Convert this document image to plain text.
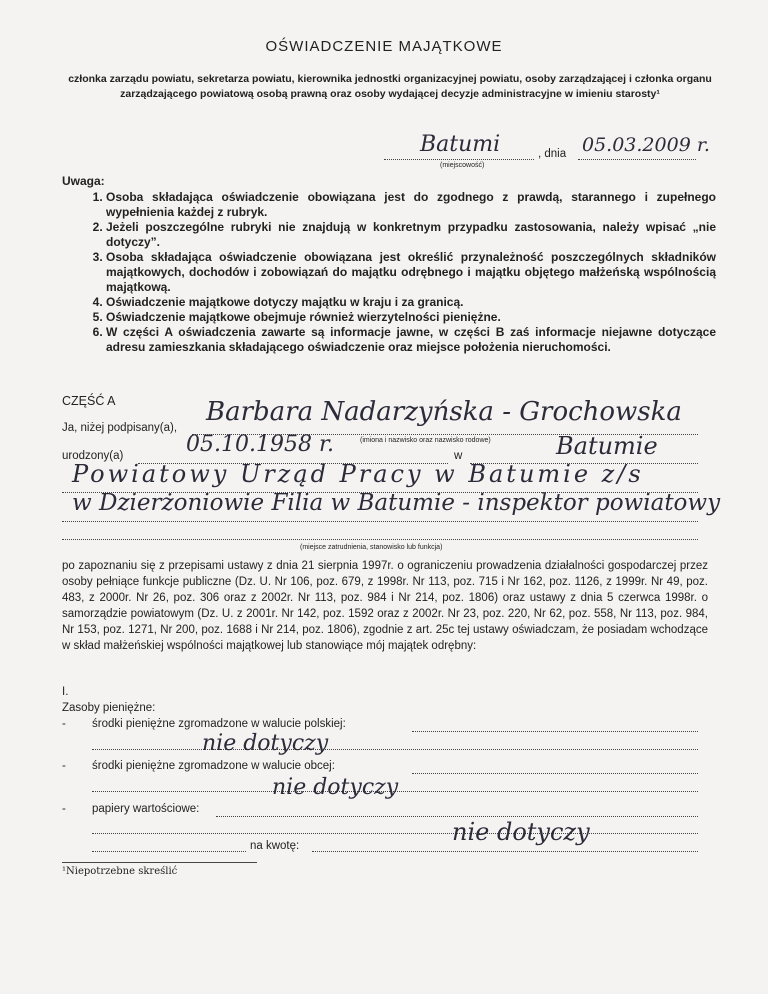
OŚWIADCZENIE MAJĄTKOWE
członka zarządu powiatu, sekretarza powiatu, kierownika jednostki organizacyjnej powiatu, osoby zarządzającej i członka organu zarządzającego powiatową osobą prawną oraz osoby wydającej decyzje administracyjne w imieniu starosty¹
Batumi	, dnia 05.03.2009 r.
(miejscowość)
Uwaga:
1. Osoba składająca oświadczenie obowiązana jest do zgodnego z prawdą, starannego i zupełnego wypełnienia każdej z rubryk.
2. Jeżeli poszczególne rubryki nie znajdują w konkretnym przypadku zastosowania, należy wpisać „nie dotyczy”.
3. Osoba składająca oświadczenie obowiązana jest określić przynależność poszczególnych składników majątkowych, dochodów i zobowiązań do majątku odrębnego i majątku objętego małżeńską wspólnością majątkową.
4. Oświadczenie majątkowe dotyczy majątku w kraju i za granicą.
5. Oświadczenie majątkowe obejmuje również wierzytelności pieniężne.
6. W części A oświadczenia zawarte są informacje jawne, w części B zaś informacje niejawne dotyczące adresu zamieszkania składającego oświadczenie oraz miejsce położenia nieruchomości.
CZĘŚĆ A
Ja, niżej podpisany(a),
Barbara Nadarzyńska - Grochowska
(imiona i nazwisko oraz nazwisko rodowe)
urodzony(a)	05.10.1958 r.	w	Batumie
Powiatowy Urząd Pracy w Batumie z/s
w Dzierżoniowie Filia w Batumie - inspektor powiatowy
(miejsce zatrudnienia, stanowisko lub funkcja)
po zapoznaniu się z przepisami ustawy z dnia 21 sierpnia 1997r. o ograniczeniu prowadzenia działalności gospodarczej przez osoby pełniące funkcje publiczne (Dz. U. Nr 106, poz. 679, z 1998r. Nr 113, poz. 715 i Nr 162, poz. 1126, z 1999r. Nr 49, poz. 483, z 2000r. Nr 26, poz. 306 oraz z 2002r. Nr 113, poz. 984 i Nr 214, poz. 1806) oraz ustawy z dnia 5 czerwca 1998r. o samorządzie powiatowym (Dz. U. z 2001r. Nr 142, poz. 1592 oraz z 2002r. Nr 23, poz. 220, Nr 62, poz. 558, Nr 113, poz. 984, Nr 153, poz. 1271, Nr 200, poz. 1688 i Nr 214, poz. 1806), zgodnie z art. 25c tej ustawy oświadczam, że posiadam wchodzące w skład małżeńskiej wspólności majątkowej lub stanowiące mój majątek odrębny:
I.
Zasoby pieniężne:
- środki pieniężne zgromadzone w walucie polskiej:
nie dotyczy
- środki pieniężne zgromadzone w walucie obcej:
nie dotyczy
- papiery wartościowe:
na kwotę:	nie dotyczy
¹Niepotrzebne skreślić
